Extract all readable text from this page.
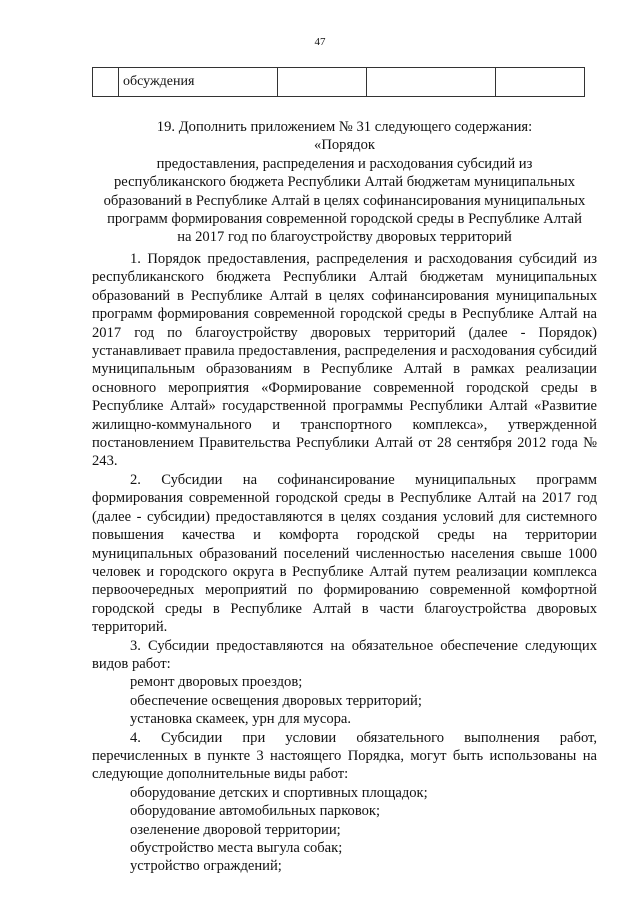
47
	обсуждения			
19. Дополнить приложением № 31 следующего содержания:
«Порядок
предоставления, распределения и расходования субсидий из
республиканского бюджета Республики Алтай бюджетам муниципальных
образований в Республике Алтай в целях софинансирования муниципальных
программ формирования современной городской среды в Республике Алтай
на 2017 год по благоустройству дворовых территорий

1. Порядок предоставления, распределения и расходования субсидий из республиканского бюджета Республики Алтай бюджетам муниципальных образований в Республике Алтай в целях софинансирования муниципальных программ формирования современной городской среды в Республике Алтай на 2017 год по благоустройству дворовых территорий (далее - Порядок) устанавливает правила предоставления, распределения и расходования субсидий муниципальным образованиям в Республике Алтай в рамках реализации основного мероприятия «Формирование современной городской среды в Республике Алтай» государственной программы Республики Алтай «Развитие жилищно-коммунального и транспортного комплекса», утвержденной постановлением Правительства Республики Алтай от 28 сентября 2012 года № 243.

2. Субсидии на софинансирование муниципальных программ формирования современной городской среды в Республике Алтай на 2017 год (далее - субсидии) предоставляются в целях создания условий для системного повышения качества и комфорта городской среды на территории муниципальных образований поселений численностью населения свыше 1000 человек и городского округа в Республике Алтай путем реализации комплекса первоочередных мероприятий по формированию современной комфортной городской среды в Республике Алтай в части благоустройства дворовых территорий.

3. Субсидии предоставляются на обязательное обеспечение следующих видов работ:

ремонт дворовых проездов;

обеспечение освещения дворовых территорий;

установка скамеек, урн для мусора.

4. Субсидии при условии обязательного выполнения работ, перечисленных в пункте 3 настоящего Порядка, могут быть использованы на следующие дополнительные виды работ:

оборудование детских и спортивных площадок;

оборудование автомобильных парковок;

озеленение дворовой территории;

обустройство места выгула собак;

устройство ограждений;
